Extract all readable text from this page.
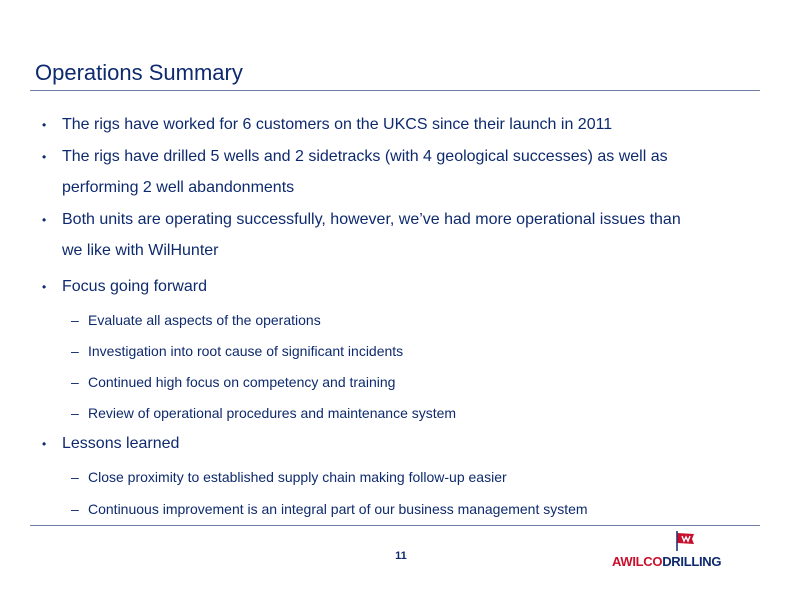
Operations Summary
• The rigs have worked for 6 customers on the UKCS since their launch in 2011
• The rigs have drilled 5 wells and 2 sidetracks (with 4 geological successes) as well as
performing 2 well abandonments
• Both units are operating successfully, however, we’ve had more operational issues than
we like with WilHunter
• Focus going forward
– Evaluate all aspects of the operations
– Investigation into root cause of significant incidents
– Continued high focus on competency and training
– Review of operational procedures and maintenance system
• Lessons learned
– Close proximity to established supply chain making follow-up easier
– Continuous improvement is an integral part of our business management system
11	AWILCODRILLING
